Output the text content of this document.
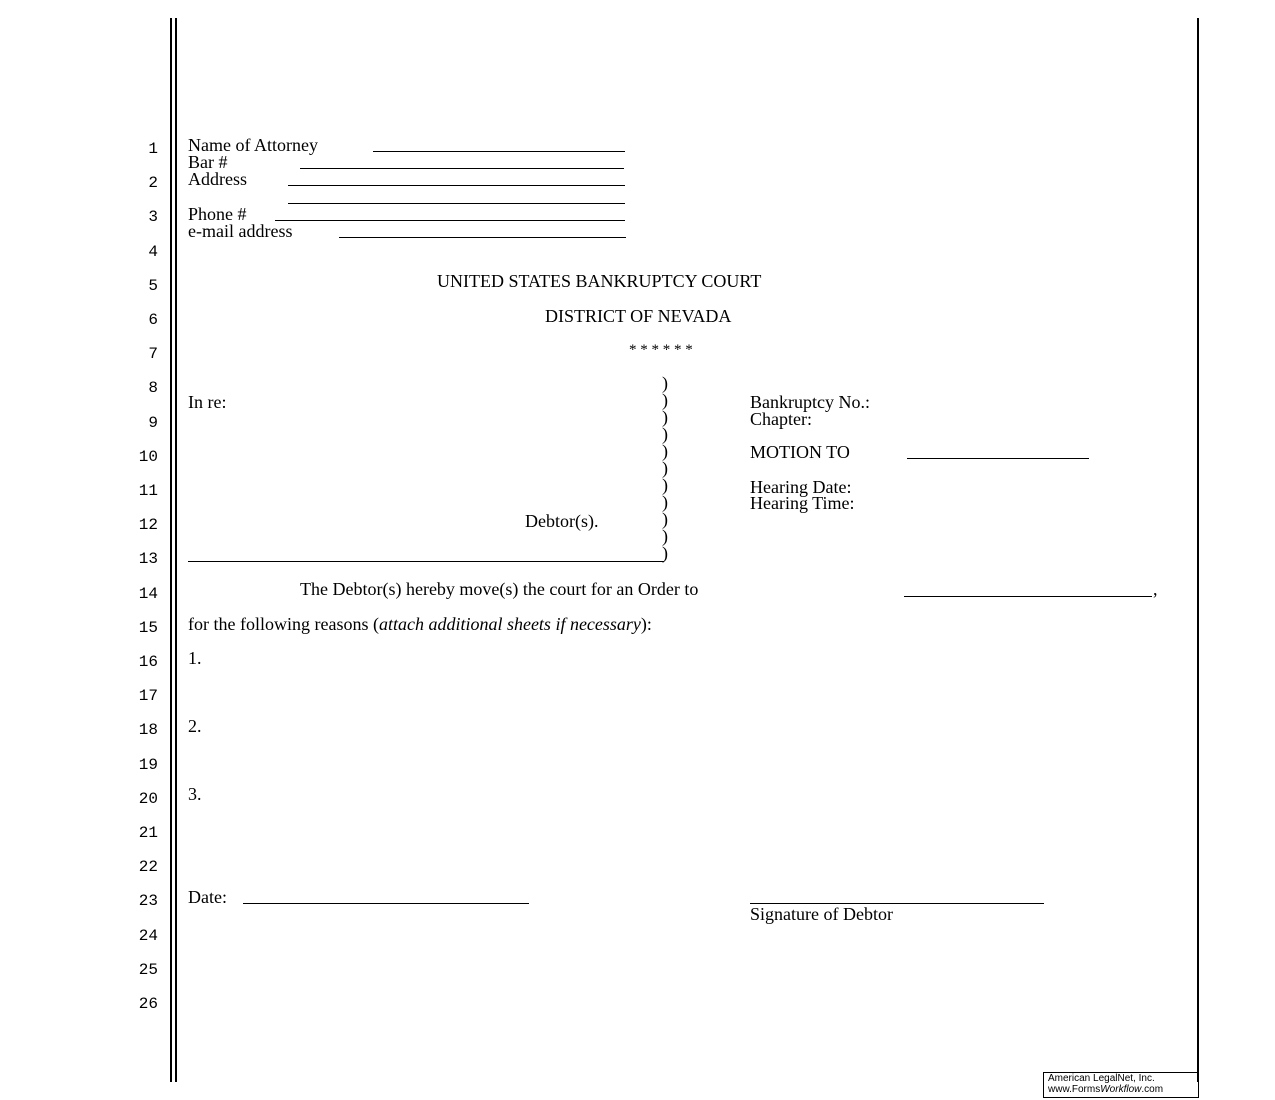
1
2
3
4
5
6
7
8
9
10
11
12
13
14
15
16
17
18
19
20
21
22
23
24
25
26
Name of Attorney
Bar #
Address
Phone #
e-mail address
UNITED STATES BANKRUPTCY COURT
DISTRICT OF NEVADA
* * * * * *
In re:
)
)
)
)
)
)
)
)
)
)
)
Debtor(s).
Bankruptcy No.:
Chapter:
MOTION TO
Hearing Date:
Hearing Time:
The Debtor(s) hereby move(s) the court for an Order to	,
for the following reasons (attach additional sheets if necessary):
1.
2.
3.
Date:
Signature of Debtor
American LegalNet, Inc.
www.FormsWorkflow.com
